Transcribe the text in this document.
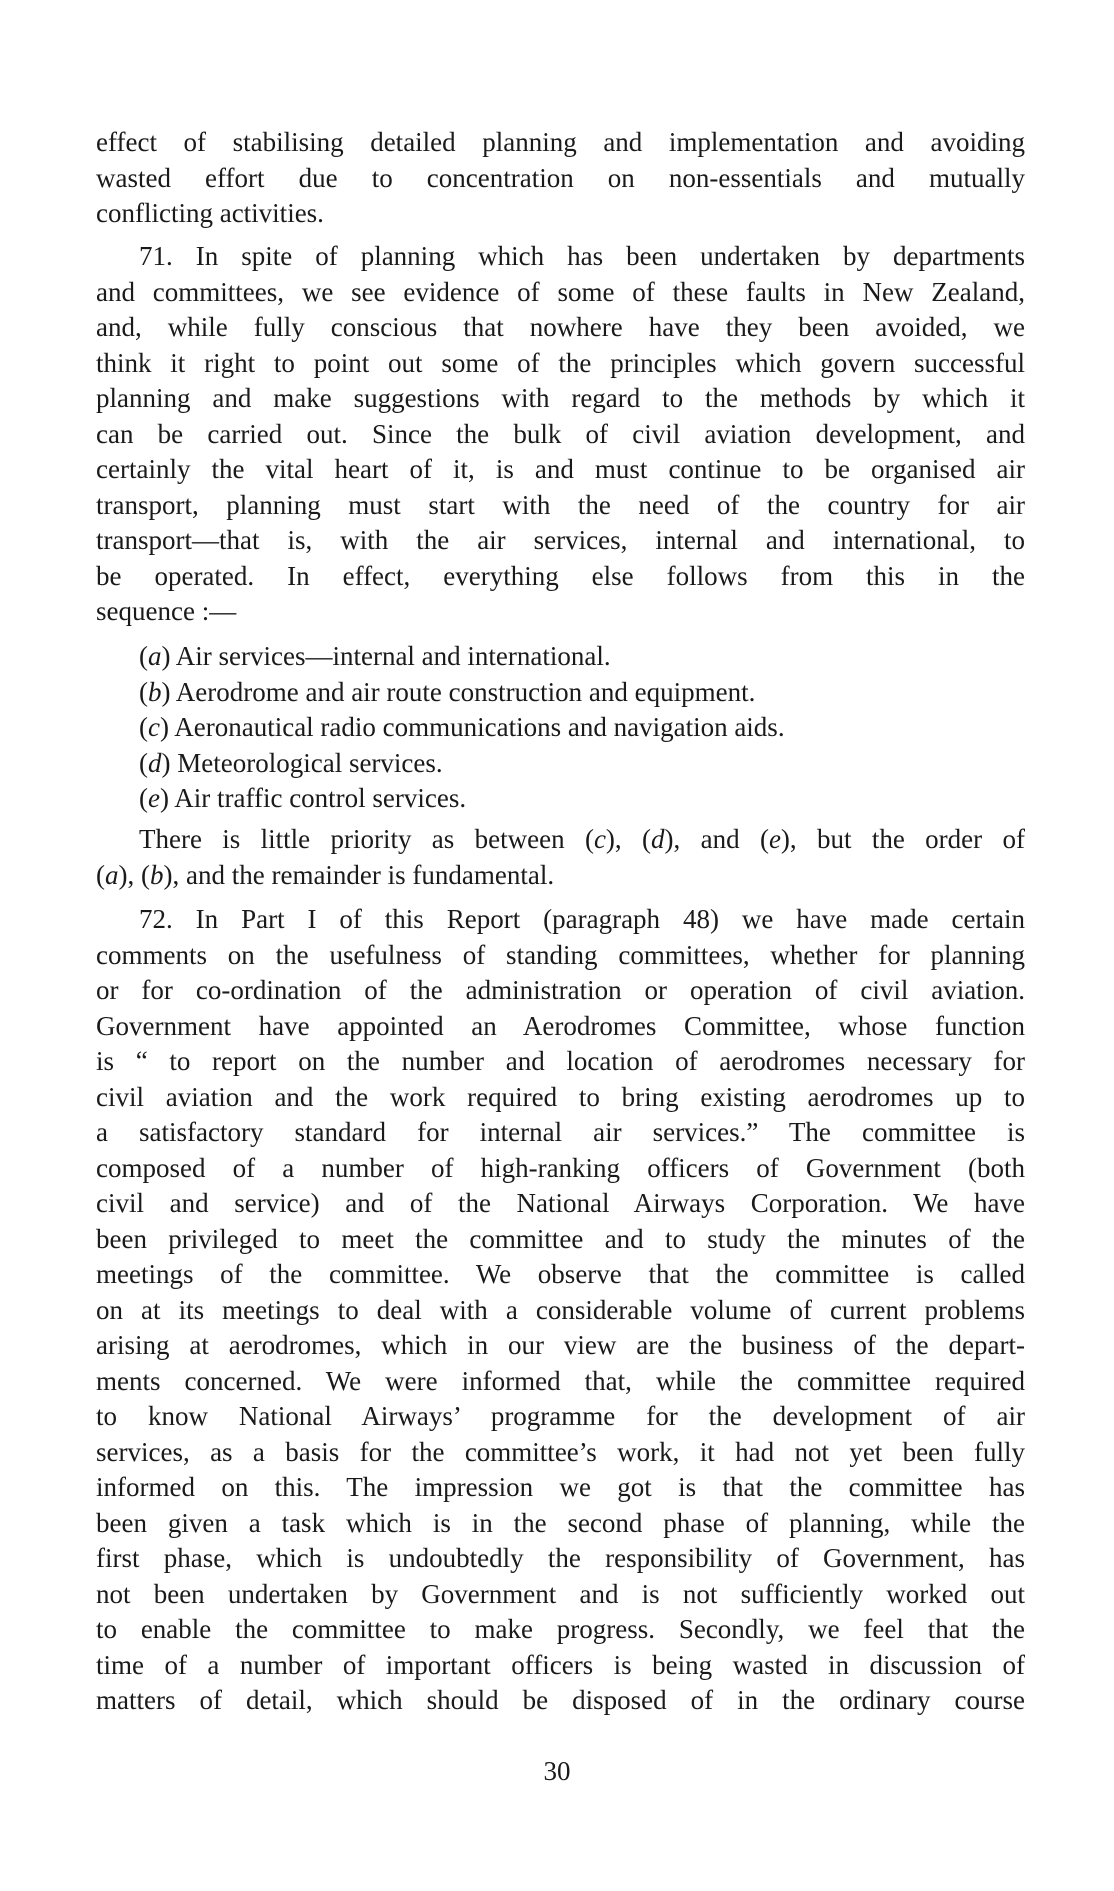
effect of stabilising detailed planning and implementation and avoiding
wasted effort due to concentration on non-essentials and mutually
conflicting activities.
71. In spite of planning which has been undertaken by departments
and committees, we see evidence of some of these faults in New Zealand,
and, while fully conscious that nowhere have they been avoided, we
think it right to point out some of the principles which govern successful
planning and make suggestions with regard to the methods by which it
can be carried out. Since the bulk of civil aviation development, and
certainly the vital heart of it, is and must continue to be organised air
transport, planning must start with the need of the country for air
transport—that is, with the air services, internal and international, to
be operated. In effect, everything else follows from this in the
sequence :—
(a) Air services—internal and international.
(b) Aerodrome and air route construction and equipment.
(c) Aeronautical radio communications and navigation aids.
(d) Meteorological services.
(e) Air traffic control services.
There is little priority as between (c), (d), and (e), but the order of
(a), (b), and the remainder is fundamental.
72. In Part I of this Report (paragraph 48) we have made certain
comments on the usefulness of standing committees, whether for planning
or for co-ordination of the administration or operation of civil aviation.
Government have appointed an Aerodromes Committee, whose function
is “ to report on the number and location of aerodromes necessary for
civil aviation and the work required to bring existing aerodromes up to
a satisfactory standard for internal air services.” The committee is
composed of a number of high-ranking officers of Government (both
civil and service) and of the National Airways Corporation. We have
been privileged to meet the committee and to study the minutes of the
meetings of the committee. We observe that the committee is called
on at its meetings to deal with a considerable volume of current problems
arising at aerodromes, which in our view are the business of the depart-
ments concerned. We were informed that, while the committee required
to know National Airways’ programme for the development of air
services, as a basis for the committee’s work, it had not yet been fully
informed on this. The impression we got is that the committee has
been given a task which is in the second phase of planning, while the
first phase, which is undoubtedly the responsibility of Government, has
not been undertaken by Government and is not sufficiently worked out
to enable the committee to make progress. Secondly, we feel that the
time of a number of important officers is being wasted in discussion of
matters of detail, which should be disposed of in the ordinary course
30
